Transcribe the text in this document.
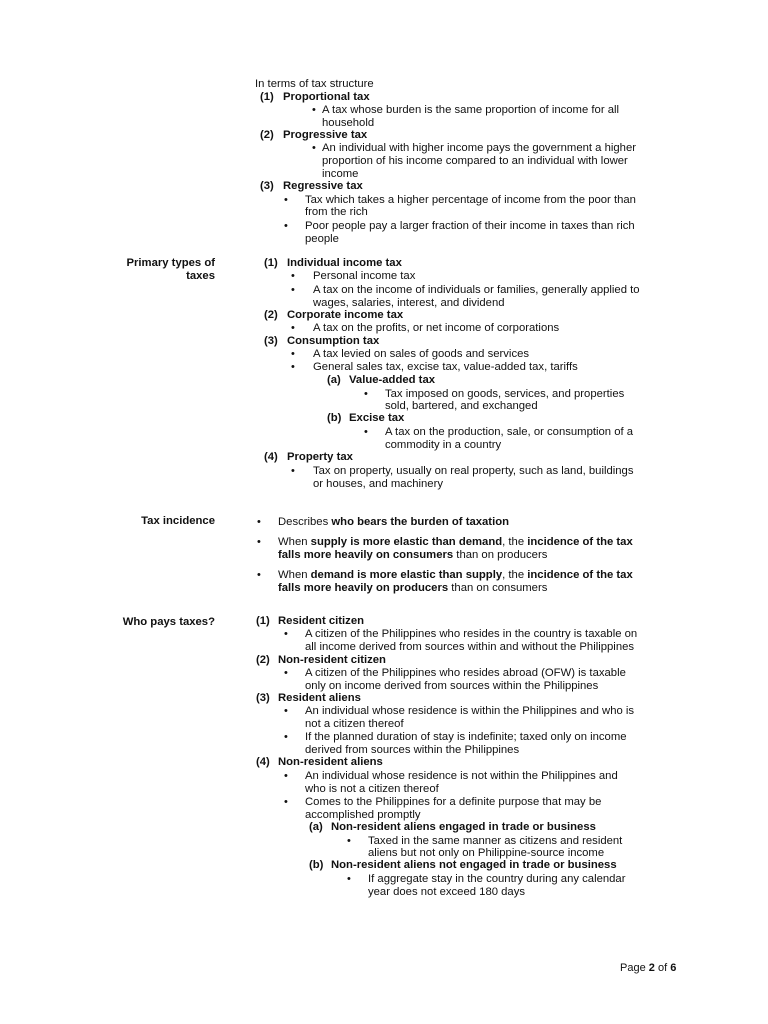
In terms of tax structure
(1) Proportional tax
• A tax whose burden is the same proportion of income for all
household
(2) Progressive tax
• An individual with higher income pays the government a higher
proportion of his income compared to an individual with lower
income
(3) Regressive tax
• Tax which takes a higher percentage of income from the poor than
from the rich
• Poor people pay a larger fraction of their income in taxes than rich
people
Primary types of
taxes
(1) Individual income tax
• Personal income tax
• A tax on the income of individuals or families, generally applied to
wages, salaries, interest, and dividend
(2) Corporate income tax
• A tax on the profits, or net income of corporations
(3) Consumption tax
• A tax levied on sales of goods and services
• General sales tax, excise tax, value-added tax, tariffs
(a) Value-added tax
• Tax imposed on goods, services, and properties
sold, bartered, and exchanged
(b) Excise tax
• A tax on the production, sale, or consumption of a
commodity in a country
(4) Property tax
• Tax on property, usually on real property, such as land, buildings
or houses, and machinery
Tax incidence	• Describes who bears the burden of taxation
• When supply is more elastic than demand, the incidence of the tax
falls more heavily on consumers than on producers
• When demand is more elastic than supply, the incidence of the tax
falls more heavily on producers than on consumers
Who pays taxes?	(1) Resident citizen
• A citizen of the Philippines who resides in the country is taxable on
all income derived from sources within and without the Philippines
(2) Non-resident citizen
• A citizen of the Philippines who resides abroad (OFW) is taxable
only on income derived from sources within the Philippines
(3) Resident aliens
• An individual whose residence is within the Philippines and who is
not a citizen thereof
• If the planned duration of stay is indefinite; taxed only on income
derived from sources within the Philippines
(4) Non-resident aliens
• An individual whose residence is not within the Philippines and
who is not a citizen thereof
• Comes to the Philippines for a definite purpose that may be
accomplished promptly
(a) Non-resident aliens engaged in trade or business
• Taxed in the same manner as citizens and resident
aliens but not only on Philippine-source income
(b) Non-resident aliens not engaged in trade or business
• If aggregate stay in the country during any calendar
year does not exceed 180 days
Page 2 of 6
